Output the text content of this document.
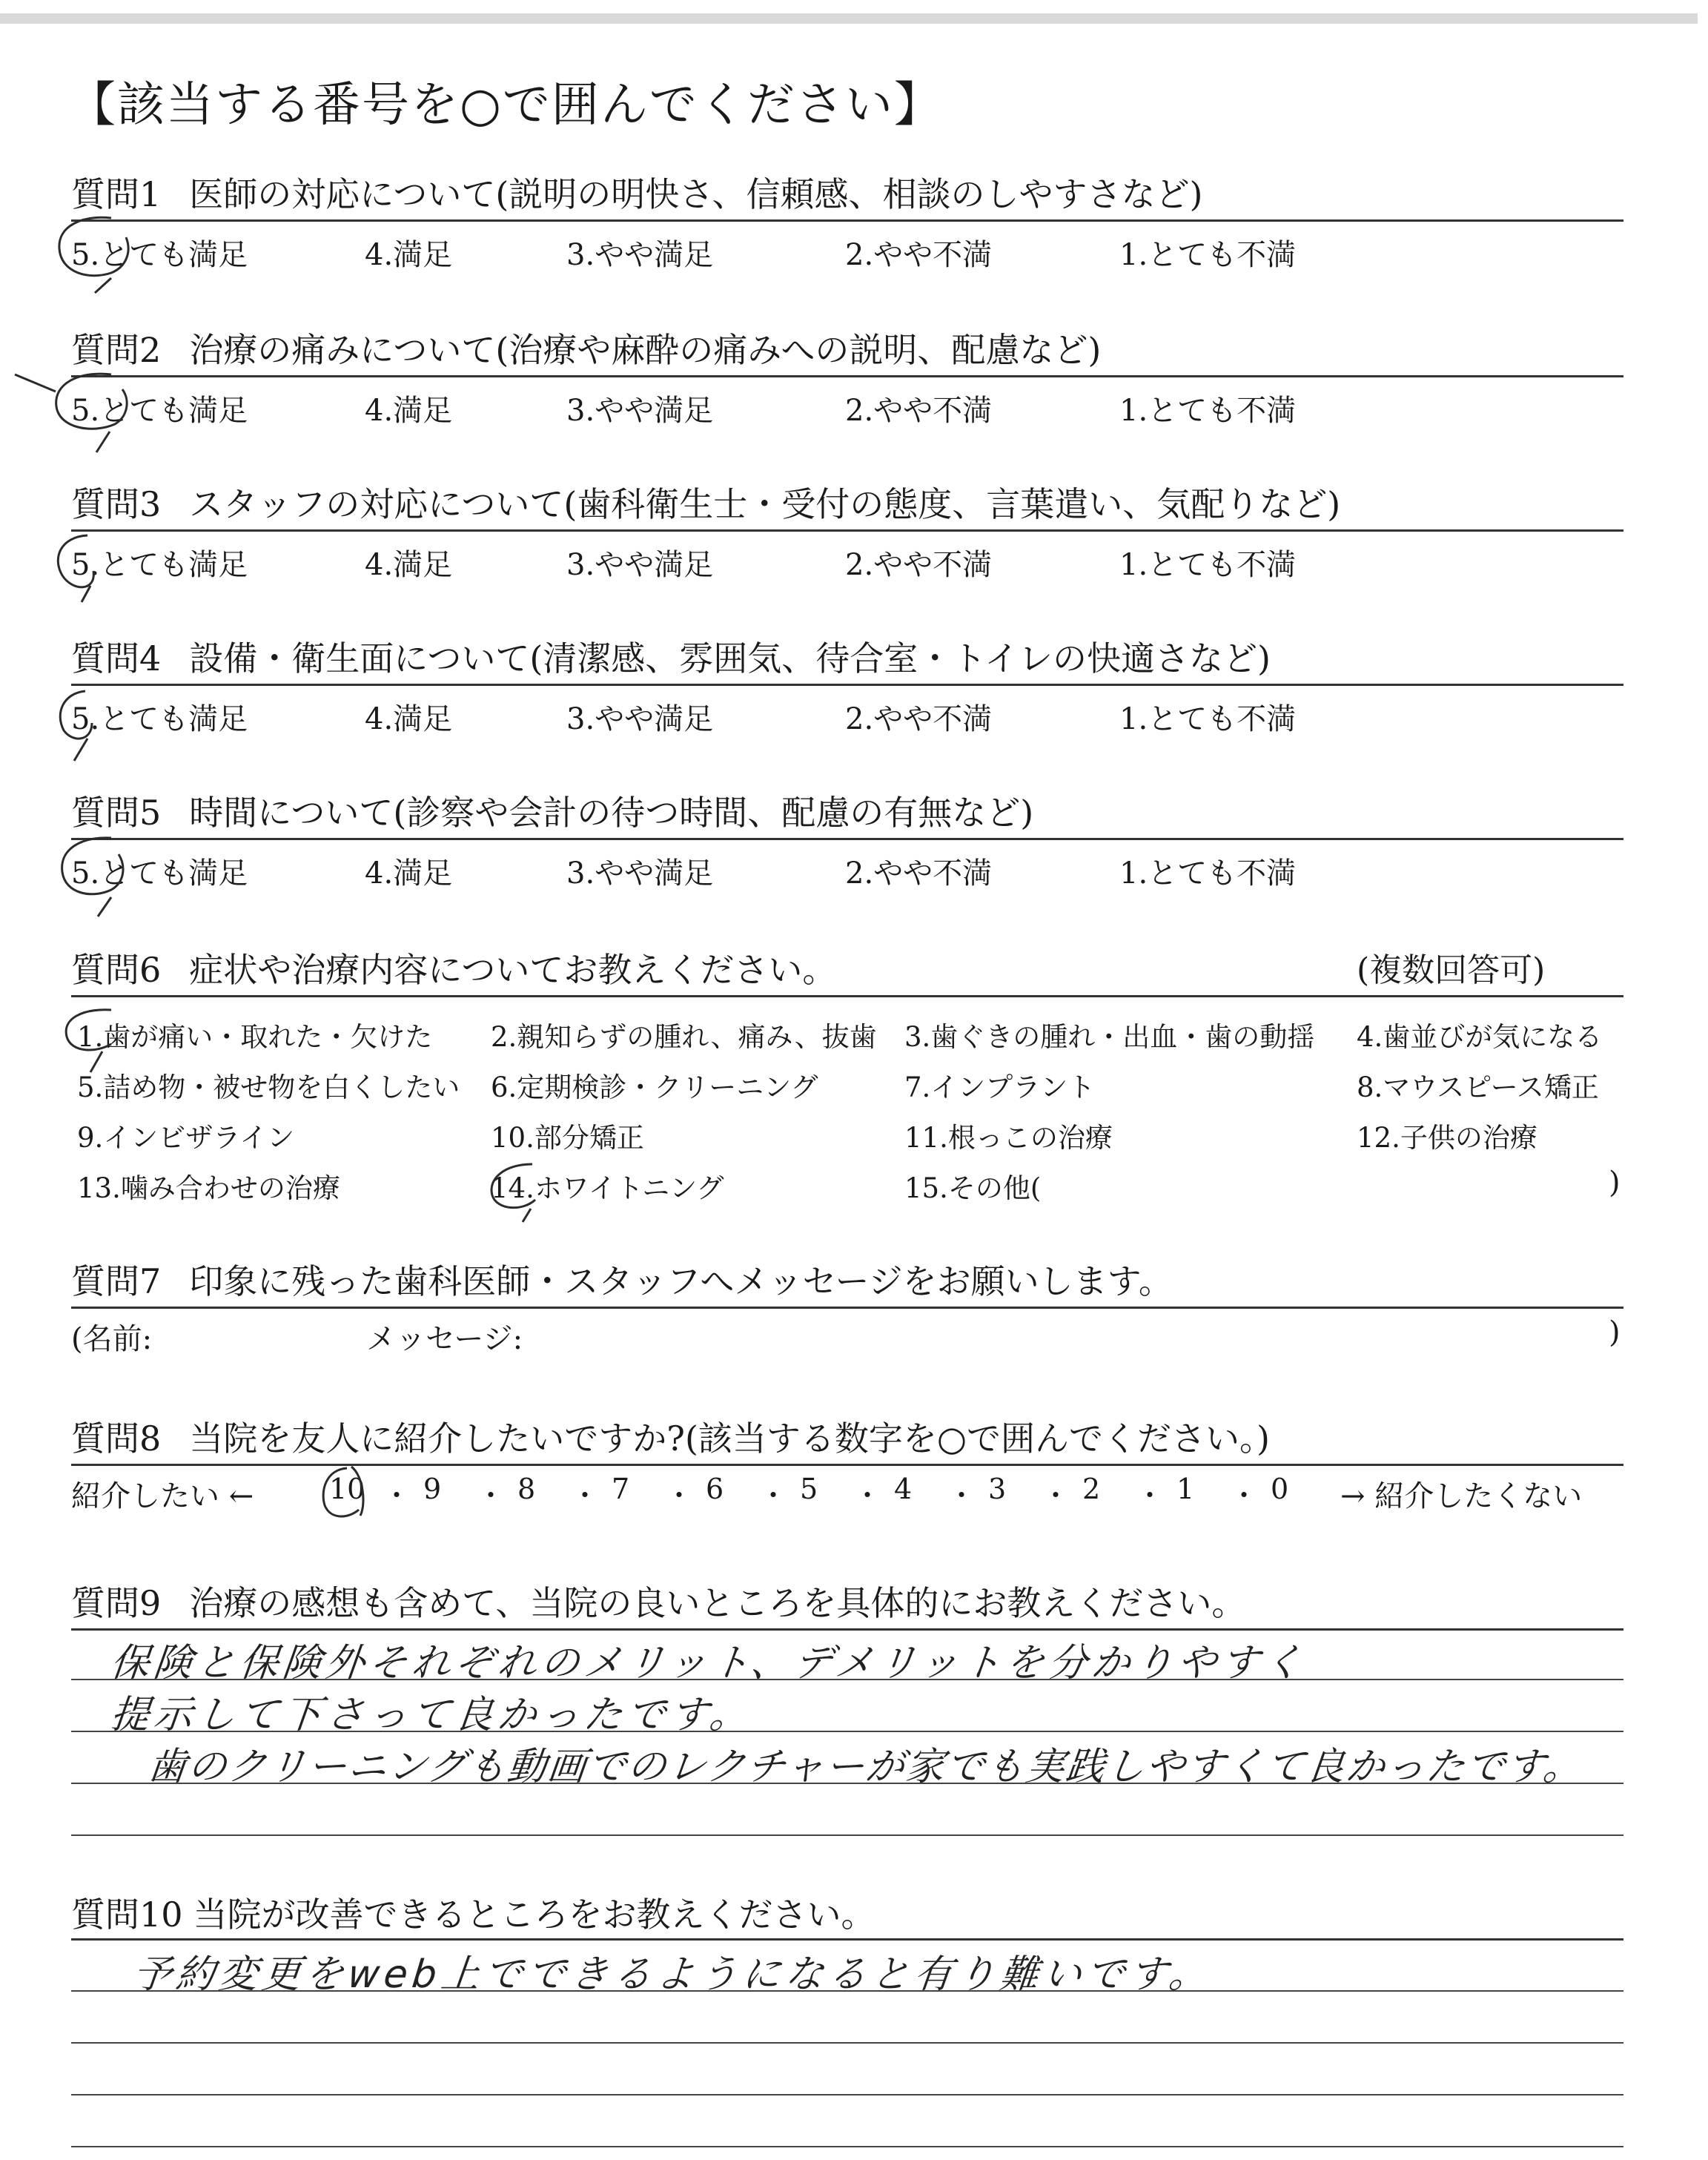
【該当する番号を○で囲んでください】
質問1 医師の対応について(説明の明快さ、信頼感、相談のしやすさなど)
5.とても満足	4.満足	3.やや満足	2.やや不満	1.とても不満
質問2 治療の痛みについて(治療や麻酔の痛みへの説明、配慮など)
5.とても満足	4.満足	3.やや満足	2.やや不満	1.とても不満
質問3 スタッフの対応について(歯科衛生士・受付の態度、言葉遣い、気配りなど)
5.とても満足	4.満足	3.やや満足	2.やや不満	1.とても不満
質問4 設備・衛生面について(清潔感、雰囲気、待合室・トイレの快適さなど)
5.とても満足	4.満足	3.やや満足	2.やや不満	1.とても不満
質問5 時間について(診察や会計の待つ時間、配慮の有無など)
5.とても満足	4.満足	3.やや満足	2.やや不満	1.とても不満
質問6 症状や治療内容についてお教えください。	(複数回答可)
1.歯が痛い・取れた・欠けた 2.親知らずの腫れ、痛み、抜歯 3.歯ぐきの腫れ・出血・歯の動揺 4.歯並びが気になる
5.詰め物・被せ物を白くしたい 6.定期検診・クリーニング	7.インプラント	8.マウスピース矯正
9.インビザライン	10.部分矯正	11.根っこの治療	12.子供の治療
13.噛み合わせの治療	14.ホワイトニング	15.その他(	)
質問7 印象に残った歯科医師・スタッフへメッセージをお願いします。
(名前:	メッセージ:	)
質問8 当院を友人に紹介したいですか?(該当する数字を○で囲んでください。)
紹介したい ←	→ 紹介したくない
10 ・ 9 ・ 8 ・ 7 ・ 6 ・ 5 ・ 4 ・ 3 ・ 2 ・ 1 ・ 0
質問9 治療の感想も含めて、当院の良いところを具体的にお教えください。
保険と保険外それぞれのメリット、デメリットを分かりやすく
提示して下さって良かったです。
歯のクリーニングも動画でのレクチャーが家でも実践しやすくて良かったです。
質問10 当院が改善できるところをお教えください。
予約変更をweb上でできるようになると有り難いです。
